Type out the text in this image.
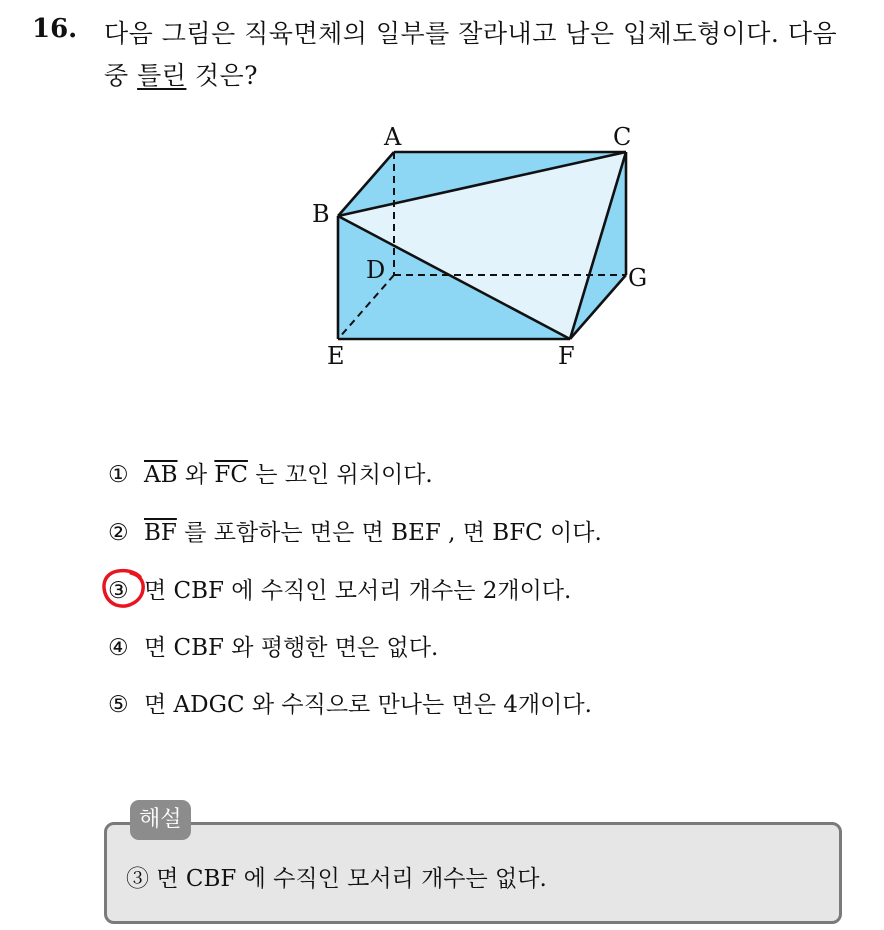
16. 다음 그림은 직육면체의 일부를 잘라내고 남은 입체도형이다. 다음
중 틀린 것은?
A	C
B
D	G
E	F
① $\overline{AB}$ 와 $\overline{FC}$ 는 꼬인 위치이다.
② $\overline{BF}$ 를 포함하는 면은 면 BEF , 면 BFC 이다.
③ 면 CBF 에 수직인 모서리 개수는 2개이다.
④ 면 CBF 와 평행한 면은 없다.
⑤ 면 ADGC 와 수직으로 만나는 면은 4개이다.
해설
③ 면 CBF 에 수직인 모서리 개수는 없다.
